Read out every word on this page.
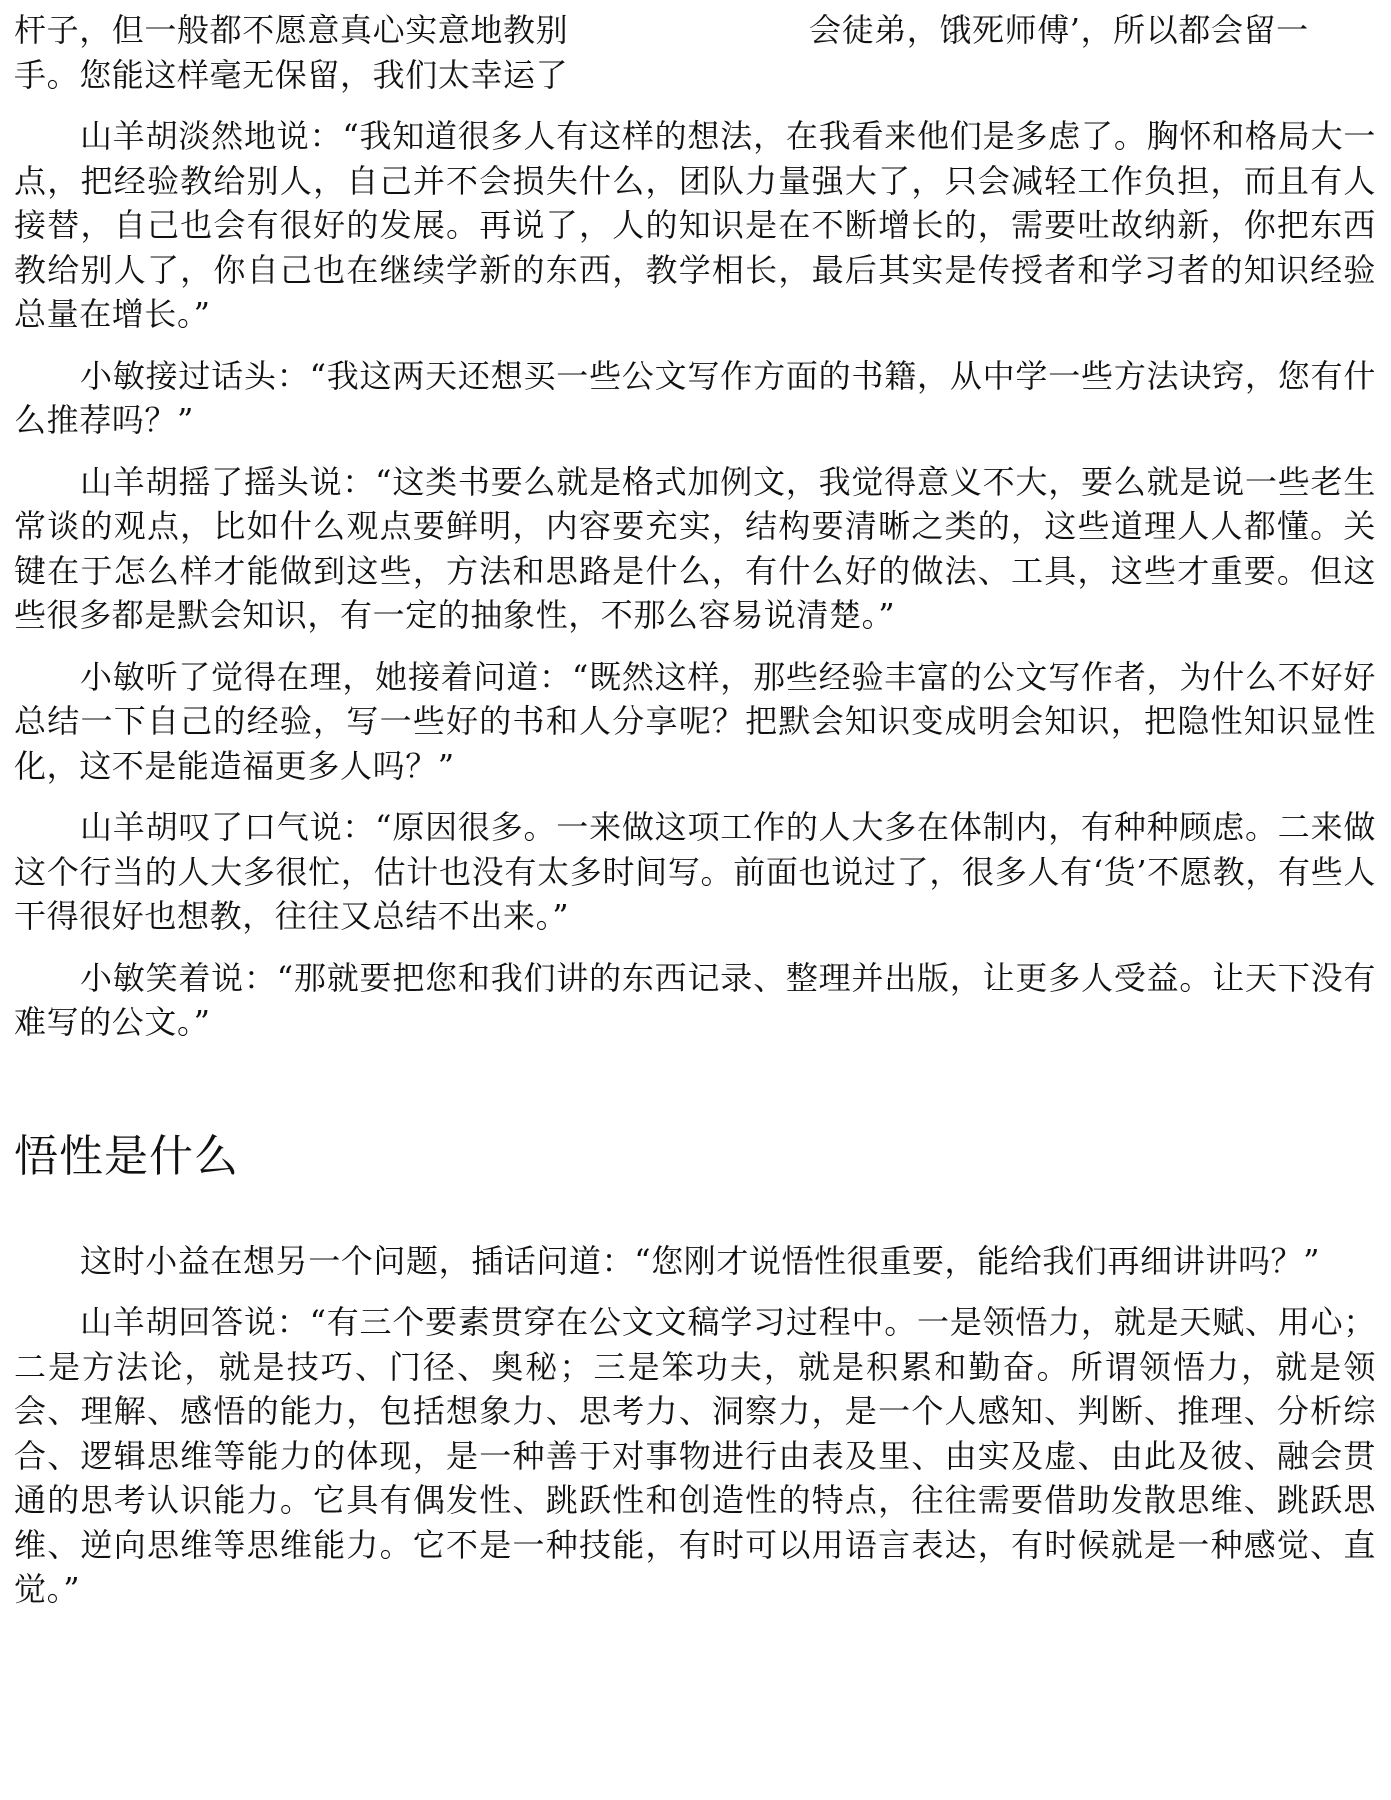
杆子，但一般都不愿意真心实意地教别	会徒弟，饿死师傅’，所以都会留一

手。您能这样毫无保留，我们太幸运了

山羊胡淡然地说：“我知道很多人有这样的想法，在我看来他们是多虑了。胸怀和格局大一点，把经验教给别人，自己并不会损失什么，团队力量强大了，只会减轻工作负担，而且有人接替，自己也会有很好的发展。再说了，人的知识是在不断增长的，需要吐故纳新，你把东西教给别人了，你自己也在继续学新的东西，教学相长，最后其实是传授者和学习者的知识经验总量在增长。”

小敏接过话头：“我这两天还想买一些公文写作方面的书籍，从中学一些方法诀窍，您有什么推荐吗？”

山羊胡摇了摇头说：“这类书要么就是格式加例文，我觉得意义不大，要么就是说一些老生常谈的观点，比如什么观点要鲜明，内容要充实，结构要清晰之类的，这些道理人人都懂。关键在于怎么样才能做到这些，方法和思路是什么，有什么好的做法、工具，这些才重要。但这些很多都是默会知识，有一定的抽象性，不那么容易说清楚。”

小敏听了觉得在理，她接着问道：“既然这样，那些经验丰富的公文写作者，为什么不好好总结一下自己的经验，写一些好的书和人分享呢？把默会知识变成明会知识，把隐性知识显性化，这不是能造福更多人吗？”

山羊胡叹了口气说：“原因很多。一来做这项工作的人大多在体制内，有种种顾虑。二来做这个行当的人大多很忙，估计也没有太多时间写。前面也说过了，很多人有‘货’不愿教，有些人干得很好也想教，往往又总结不出来。”

小敏笑着说：“那就要把您和我们讲的东西记录、整理并出版，让更多人受益。让天下没有难写的公文。”

悟性是什么

这时小益在想另一个问题，插话问道：“您刚才说悟性很重要，能给我们再细讲讲吗？”

山羊胡回答说：“有三个要素贯穿在公文文稿学习过程中。一是领悟力，就是天赋、用心；二是方法论，就是技巧、门径、奥秘；三是笨功夫，就是积累和勤奋。所谓领悟力，就是领会、理解、感悟的能力，包括想象力、思考力、洞察力，是一个人感知、判断、推理、分析综合、逻辑思维等能力的体现，是一种善于对事物进行由表及里、由实及虚、由此及彼、融会贯通的思考认识能力。它具有偶发性、跳跃性和创造性的特点，往往需要借助发散思维、跳跃思维、逆向思维等思维能力。它不是一种技能，有时可以用语言表达，有时候就是一种感觉、直觉。”
